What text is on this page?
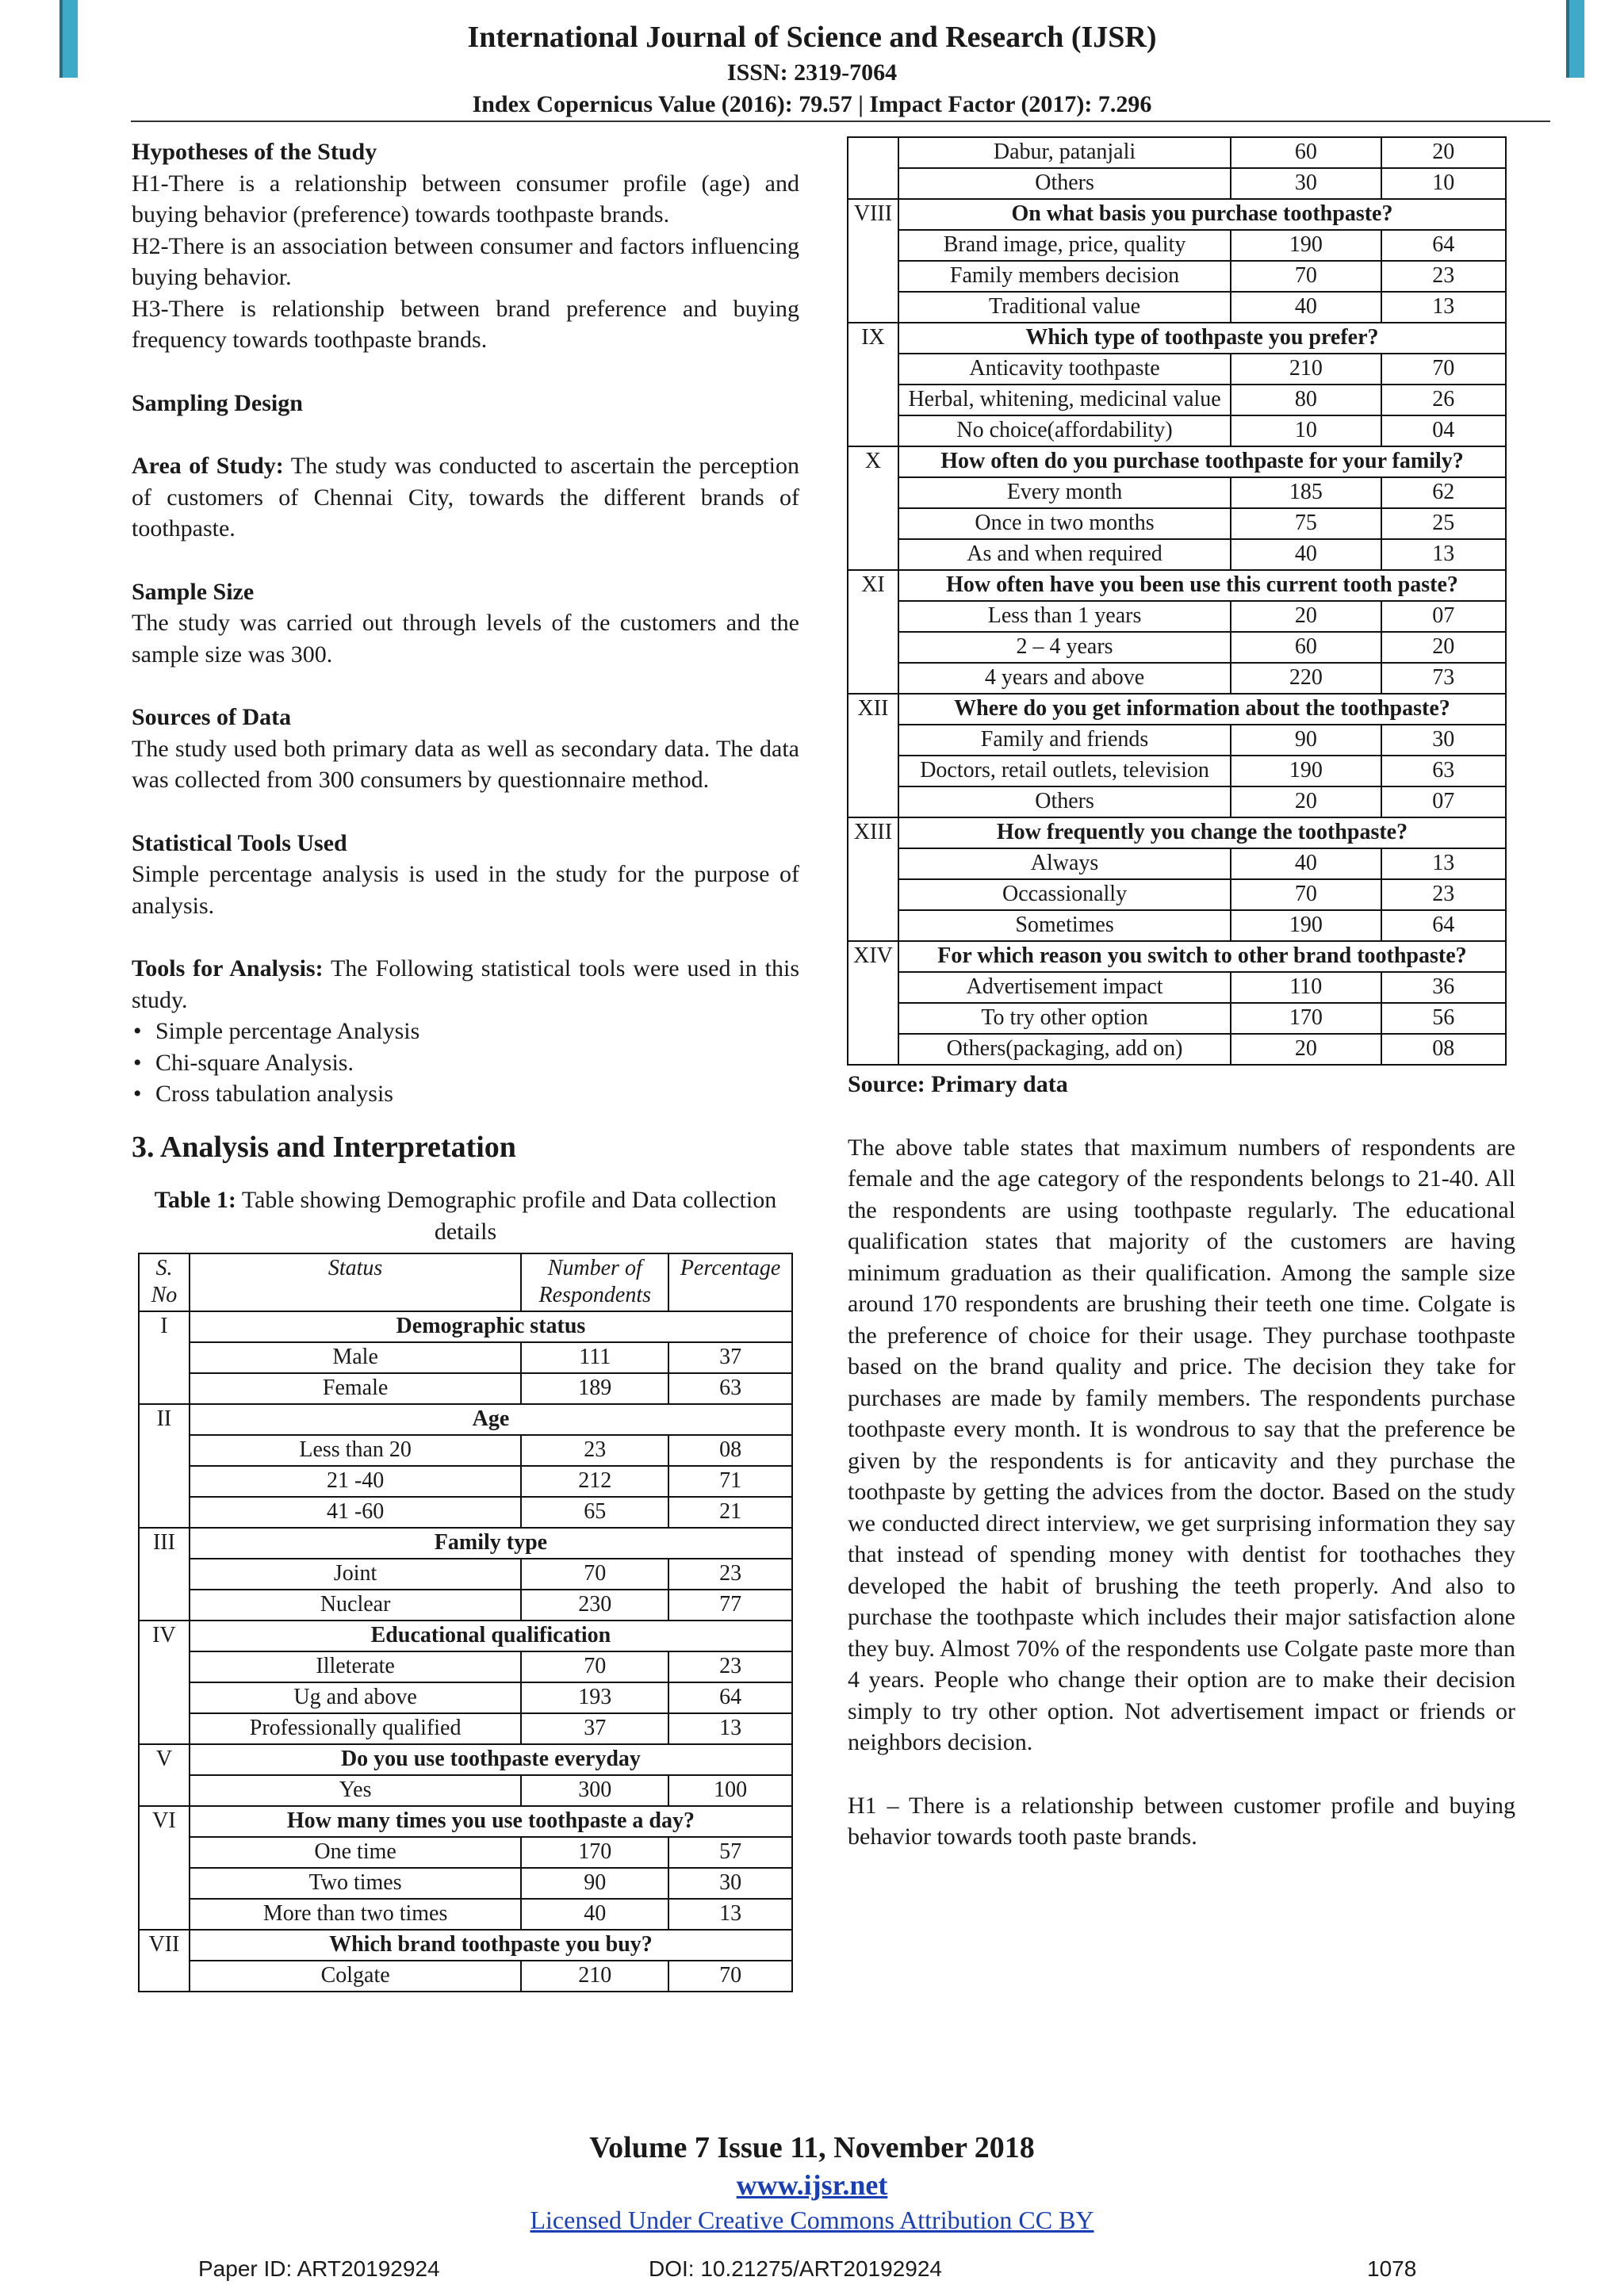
International Journal of Science and Research (IJSR)
ISSN: 2319-7064
Index Copernicus Value (2016): 79.57 | Impact Factor (2017): 7.296

Hypotheses of the Study

H1-There is a relationship between consumer profile (age) and buying behavior (preference) towards toothpaste brands.

H2-There is an association between consumer and factors influencing buying behavior.

H3-There is relationship between brand preference and buying frequency towards toothpaste brands.

Sampling Design

Area of Study: The study was conducted to ascertain the perception of customers of Chennai City, towards the different brands of toothpaste.

Sample Size

The study was carried out through levels of the customers and the sample size was 300.

Sources of Data

The study used both primary data as well as secondary data. The data was collected from 300 consumers by questionnaire method.

Statistical Tools Used

Simple percentage analysis is used in the study for the purpose of analysis.

Tools for Analysis: The Following statistical tools were used in this study.

• Simple percentage Analysis
• Chi-square Analysis.
• Cross tabulation analysis
3. Analysis and Interpretation
Table 1: Table showing Demographic profile and Data collection details
S. No	Status	Number of Respondents	Percentage
I	Demographic status		
	Male	111	37
	Female	189	63
II	Age		
	Less than 20	23	08
	21 -40	212	71
	41 -60	65	21
III	Family type		
	Joint	70	23
	Nuclear	230	77
IV	Educational qualification		
	Illeterate	70	23
	Ug and above	193	64
	Professionally qualified	37	13
V	Do you use toothpaste everyday		
	Yes	300	100
VI	How many times you use toothpaste a day?		
	One time	170	57
	Two times	90	30
	More than two times	40	13
VII	Which brand toothpaste you buy?		
	Colgate	210	70
	Dabur, patanjali	60	20
	Others	30	10
VIII	On what basis you purchase toothpaste?		
	Brand image, price, quality	190	64
	Family members decision	70	23
	Traditional value	40	13
IX	Which type of toothpaste you prefer?		
	Anticavity toothpaste	210	70
	Herbal, whitening, medicinal value	80	26
	No choice(affordability)	10	04
X	How often do you purchase toothpaste for your family?		
	Every month	185	62
	Once in two months	75	25
	As and when required	40	13
XI	How often have you been use this current tooth paste?		
	Less than 1 years	20	07
	2 – 4 years	60	20
	4 years and above	220	73
XII	Where do you get information about the toothpaste?		
	Family and friends	90	30
	Doctors, retail outlets, television	190	63
	Others	20	07
XIII	How frequently you change the toothpaste?		
	Always	40	13
	Occassionally	70	23
	Sometimes	190	64
XIV	For which reason you switch to other brand toothpaste?		
	Advertisement impact	110	36
	To try other option	170	56
	Others(packaging, add on)	20	08

Source: Primary data

The above table states that maximum numbers of respondents are female and the age category of the respondents belongs to 21-40. All the respondents are using toothpaste regularly. The educational qualification states that majority of the customers are having minimum graduation as their qualification. Among the sample size around 170 respondents are brushing their teeth one time. Colgate is the preference of choice for their usage. They purchase toothpaste based on the brand quality and price. The decision they take for purchases are made by family members. The respondents purchase toothpaste every month. It is wondrous to say that the preference be given by the respondents is for anticavity and they purchase the toothpaste by getting the advices from the doctor. Based on the study we conducted direct interview, we get surprising information they say that instead of spending money with dentist for toothaches they developed the habit of brushing the teeth properly. And also to purchase the toothpaste which includes their major satisfaction alone they buy. Almost 70% of the respondents use Colgate paste more than 4 years. People who change their option are to make their decision simply to try other option. Not advertisement impact or friends or neighbors decision.

H1 – There is a relationship between customer profile and buying behavior towards tooth paste brands.

Volume 7 Issue 11, November 2018
www.ijsr.net
Licensed Under Creative Commons Attribution CC BY
Paper ID: ART20192924	DOI: 10.21275/ART20192924	1078
